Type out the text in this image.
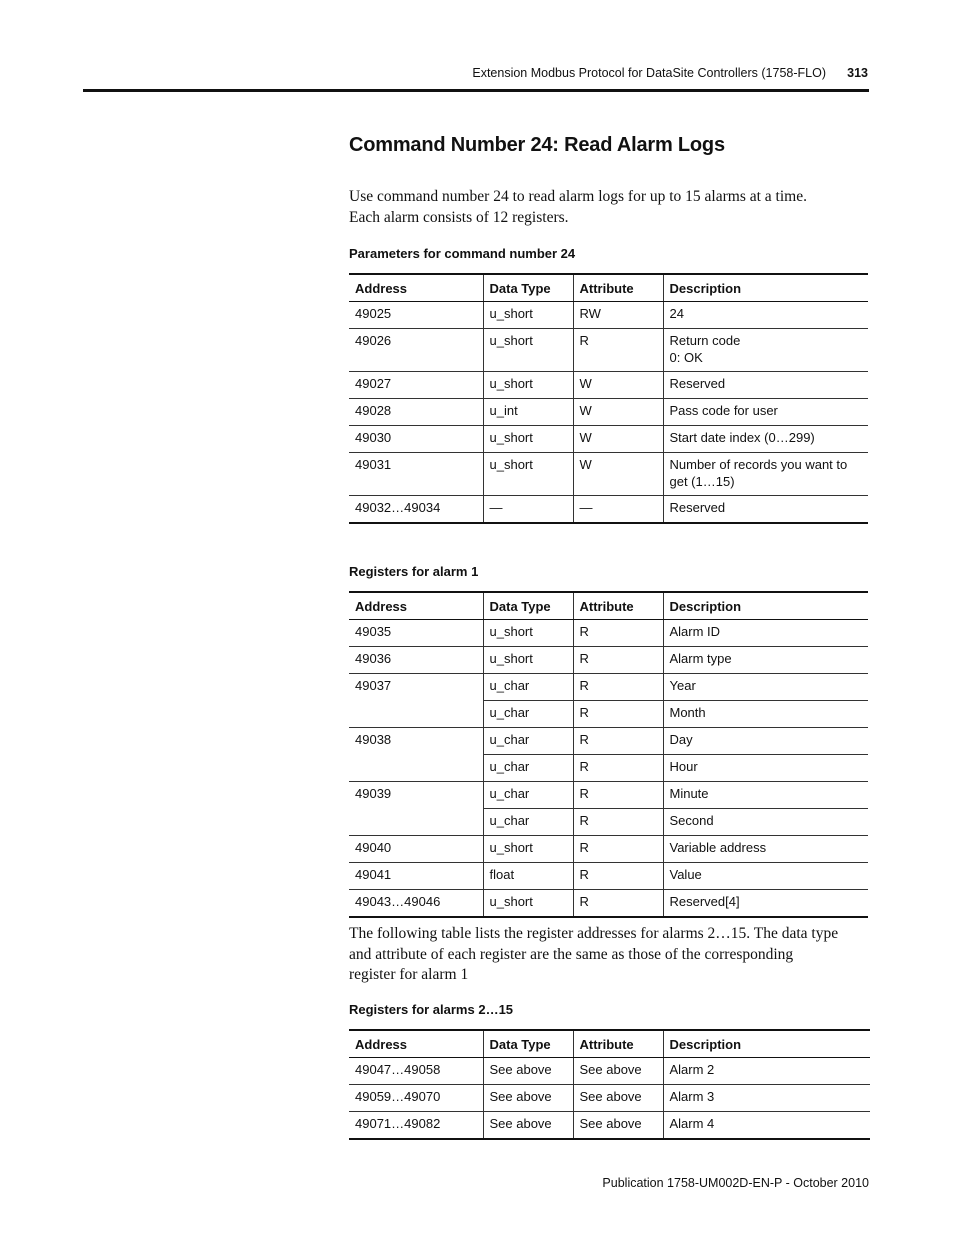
Extension Modbus Protocol for DataSite Controllers (1758-FLO) 313
Command Number 24: Read Alarm Logs

Use command number 24 to read alarm logs for up to 15 alarms at a time.
Each alarm consists of 12 registers.

Parameters for command number 24
Address	Data Type	Attribute	Description
49025	u_short	RW	24

49026	u_short	R	Return code
0: OK

49027	u_short	W	Reserved
49028	u_int	W	Pass code for user
49030	u_short	W	Start date index (0…299)
49031	u_short	W	Number of records you want to
get (1…15)

49032…49034	—	—	Reserved
Registers for alarm 1
Address	Data Type	Attribute	Description
49035	u_short	R	Alarm ID
49036	u_short	R	Alarm type
49037	u_char	R	Year
	u_char	R	Month
49038	u_char	R	Day
	u_char	R	Hour
49039	u_char	R	Minute
	u_char	R	Second
49040	u_short	R	Variable address
49041	float	R	Value
49043…49046	u_short	R	Reserved[4]

The following table lists the register addresses for alarms 2…15. The data type
and attribute of each register are the same as those of the corresponding
register for alarm 1

Registers for alarms 2…15
Address	Data Type	Attribute	Description
49047…49058	See above	See above	Alarm 2
49059…49070	See above	See above	Alarm 3
49071…49082	See above	See above	Alarm 4
Publication 1758-UM002D-EN-P - October 2010
